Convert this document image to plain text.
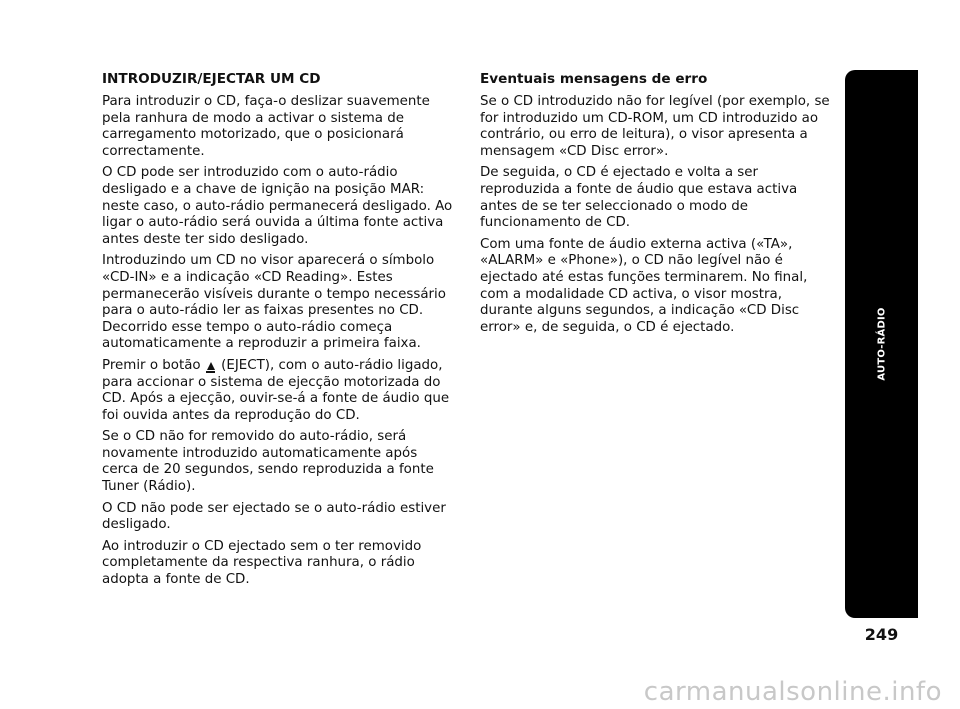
INTRODUZIR/EJECTAR UM CD

Para introduzir o CD, faça-o deslizar suavemente pela ranhura de modo a activar o sistema de carregamento motorizado, que o posicionará correctamente.

O CD pode ser introduzido com o auto-rádio desligado e a chave de ignição na posição MAR: neste caso, o auto-rádio permanecerá desligado. Ao ligar o auto-rádio será ouvida a última fonte activa antes deste ter sido desligado.

Introduzindo um CD no visor aparecerá o símbolo «CD-IN» e a indicação «CD Reading». Estes permanecerão visíveis durante o tempo necessário para o auto-rádio ler as faixas presentes no CD. Decorrido esse tempo o auto-rádio começa automaticamente a reproduzir a primeira faixa.

Premir o botão (EJECT), com o auto-rádio ligado, para accionar o sistema de ejecção motorizada do CD. Após a ejecção, ouvir-se-á a fonte de áudio que foi ouvida antes da reprodução do CD.

Se o CD não for removido do auto-rádio, será novamente introduzido automaticamente após cerca de 20 segundos, sendo reproduzida a fonte Tuner (Rádio).

O CD não pode ser ejectado se o auto-rádio estiver desligado.

Ao introduzir o CD ejectado sem o ter removido completamente da respectiva ranhura, o rádio adopta a fonte de CD.

Eventuais mensagens de erro

Se o CD introduzido não for legível (por exemplo, se for introduzido um CD-ROM, um CD introduzido ao contrário, ou erro de leitura), o visor apresenta a mensagem «CD Disc error».

De seguida, o CD é ejectado e volta a ser reproduzida a fonte de áudio que estava activa antes de se ter seleccionado o modo de funcionamento de CD.

Com uma fonte de áudio externa activa («TA», «ALARM» e «Phone»), o CD não legível não é ejectado até estas funções terminarem. No final, com a modalidade CD activa, o visor mostra, durante alguns segundos, a indicação «CD Disc error» e, de seguida, o CD é ejectado.	AUTO-RÁDIO
249
carmanualsonline.info
